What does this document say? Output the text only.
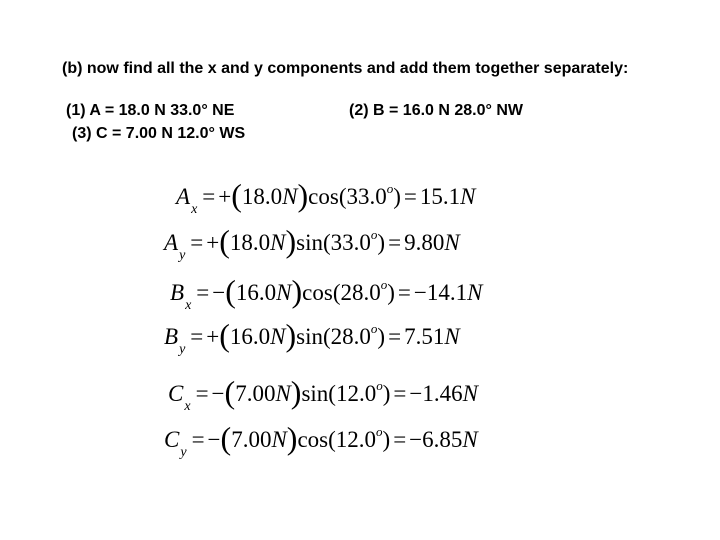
(b) now find all the x and y components and add them together separately:
(1) A = 18.0 N 33.0° NE	(2) B = 16.0 N 28.0° NW
(3) C = 7.00 N 12.0° WS
$A_x= +(18.0N)\cos(33.0^o) = 15.1N$
$A_y= +(18.0N)\sin(33.0^o) = 9.80N$
$B_x= -(16.0N)\cos(28.0^o) = -14.1N$
$B_y= +(16.0N)\sin(28.0^o) = 7.51N$
$C_x= -(7.00N)\sin(12.0^o) = -1.46N$
$C_y= -(7.00N)\cos(12.0^o) = -6.85N$
